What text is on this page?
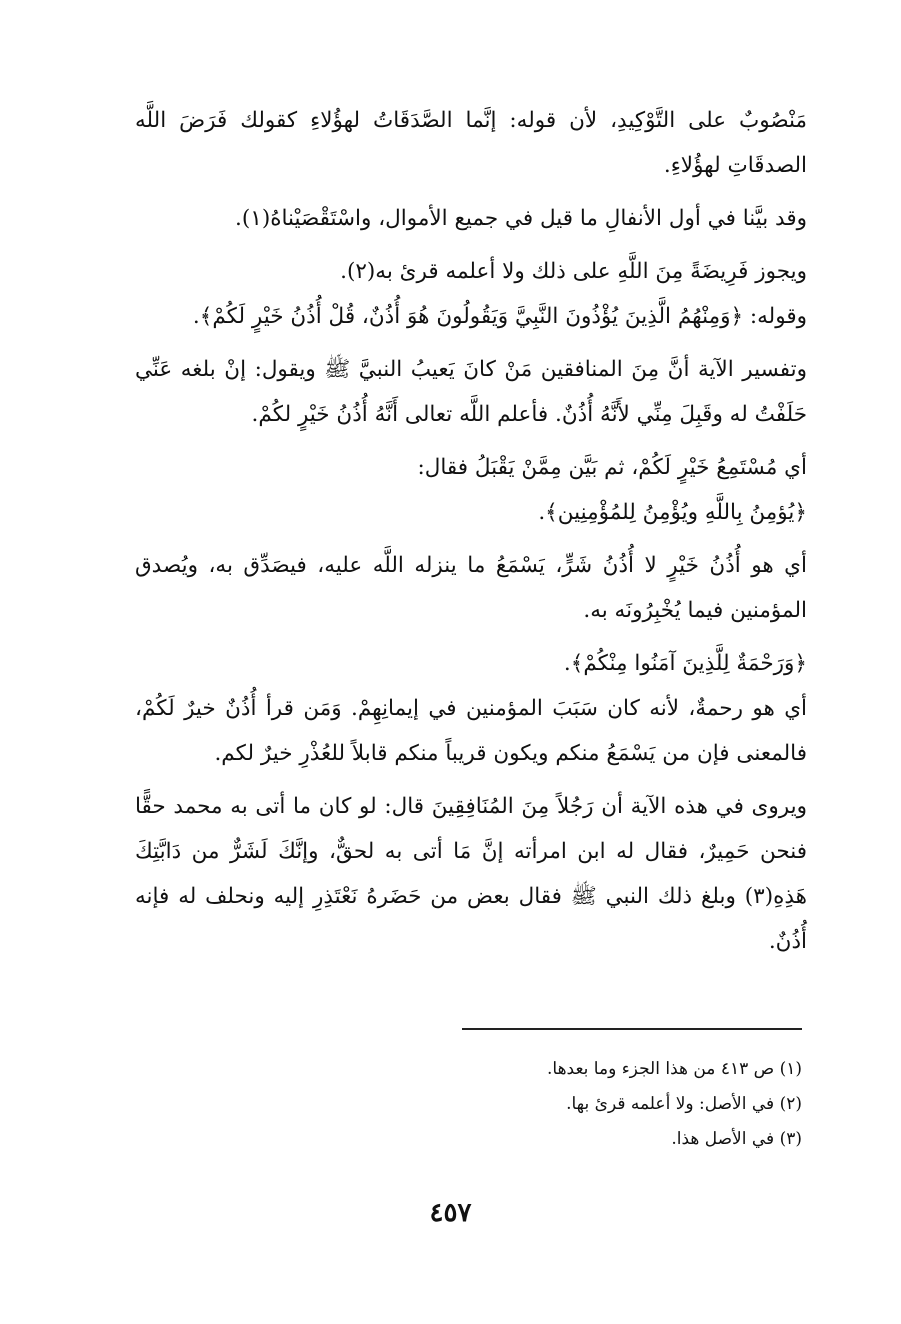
مَنْصُوبٌ على التَّوْكِيدِ، لأن قوله: إنَّما الصَّدَقَاتُ لهؤُلاءِ كقولك فَرَضَ اللَّه الصدقَاتِ لهؤُلاءِ.

وقد بيَّنا في أول الأنفالِ ما قيل في جميع الأموال، واسْتَقْصَيْناهُ(١).

ويجوز فَرِيضَةً مِنَ اللَّهِ على ذلك ولا أعلمه قرئ به(٢).

وقوله: ﴿وَمِنْهُمُ الَّذِينَ يُؤْذُونَ النَّبِيَّ وَيَقُولُونَ هُوَ أُذُنٌ، قُلْ أُذُنُ خَيْرٍ لَكُمْ﴾.

وتفسير الآية أنَّ مِنَ المنافقين مَنْ كانَ يَعيبُ النبيَّ ﷺ ويقول: إنْ بلغه عَنِّي حَلَفْتُ له وقَبِلَ مِنِّي لأَنَّهُ أُذُنٌ. فأعلم اللَّه تعالى أَنَّهُ أُذُنُ خَيْرٍ لكُمْ.

أي مُسْتَمِعُ خَيْرٍ لَكُمْ، ثم بَيَّن مِمَّنْ يَقْبَلُ فقال:

﴿يُؤمِنُ بِاللَّهِ ويُؤْمِنُ لِلمُؤْمِنِين﴾.

أي هو أُذُنُ خَيْرٍ لا أُذُنُ شَرٍّ، يَسْمَعُ ما ينزله اللَّه عليه، فيصَدِّق به، ويُصدق المؤمنين فيما يُخْبِرُونَه به.

﴿وَرَحْمَةٌ لِلَّذِينَ آمَنُوا مِنْكُمْ﴾.

أي هو رحمةٌ، لأنه كان سَبَبَ المؤمنين في إيمانِهِمْ. وَمَن قرأ أُذُنٌ خيرٌ لَكُمْ، فالمعنى فإن من يَسْمَعُ منكم ويكون قريباً منكم قابلاً للعُذْرِ خيرٌ لكم.

ويروى في هذه الآية أن رَجُلاً مِنَ المُنَافِقِينَ قال: لو كان ما أتى به محمد حقًّا فنحن حَمِيرٌ، فقال له ابن امرأته إنَّ مَا أتى به لحقٌّ، وإنَّكَ لَشَرٌّ من دَابَّتِكَ هَذِهِ(٣) وبلغ ذلك النبي ﷺ فقال بعض من حَضَرهُ نَعْتَذِرِ إليه ونحلف له فإنه أُذُنٌ.

(١) ص ٤١٣ من هذا الجزء وما بعدها.

(٢) في الأصل: ولا أعلمه قرئ بها.

(٣) في الأصل هذا.

٤٥٧
